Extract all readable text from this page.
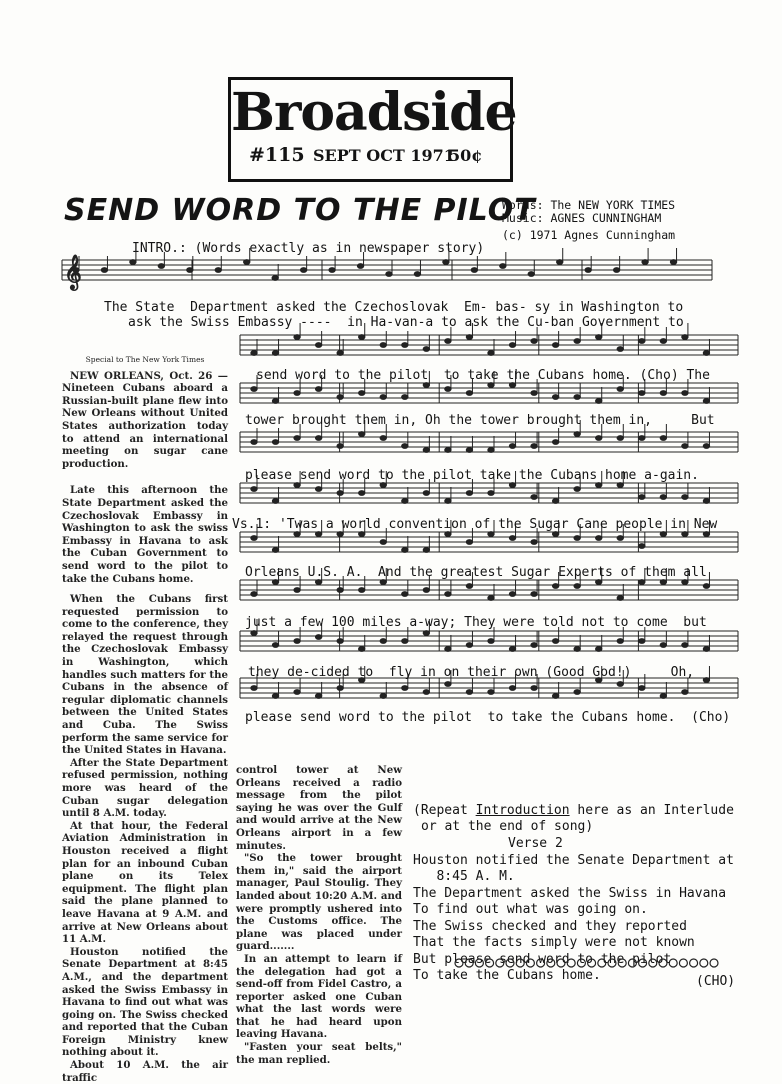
Broadside
#115 SEPT OCT 1971
50¢
SEND WORD TO THE PILOT
Words: The NEW YORK TIMES
Music: AGNES CUNNINGHAM
(c) 1971 Agnes Cunningham
INTRO.: (Words exactly as in newspaper story)
𝄞
The State  Department asked the Czechoslovak  Em- bas- sy in Washington to
ask the Swiss Embassy ----  in Ha-van-a to ask the Cu-ban Government to
send word to the pilot  to take the Cubans home. (Cho) The
tower brought them in, Oh the tower brought them in,     But
please send word to the pilot take the Cubans home a-gain.
Vs.1: 'Twas a world convention of the Sugar Cane people in New
Orleans U.S. A.  And the greatest Sugar Experts of them all
just a few 100 miles a-way; They were told not to come  but
they de-cided to  fly in on their own (Good God!)     Oh,
please send word to the pilot  to take the Cubans home.  (Cho)

Special to The New York Times

NEW ORLEANS, Oct. 26 — Nineteen Cubans aboard a Russian-built plane flew into New Orleans without United States authorization today to attend an international meeting on sugar cane production.

Late this afternoon the State Department asked the Czechoslovak Embassy in Washington to ask the swiss Embassy in Havana to ask the Cuban Government to send word to the pilot to take the Cubans home.

When the Cubans first requested permission to come to the conference, they relayed the request through the Czechoslovak Embassy in Washington, which handles such matters for the Cubans in the absence of regular diplomatic channels between the United States and Cuba. The Swiss perform the same service for the United States in Havana.

After the State Department refused permission, nothing more was heard of the Cuban sugar delegation until 8 A.M. today.

At that hour, the Federal Aviation Administration in Houston received a flight plan for an inbound Cuban plane on its Telex equipment. The flight plan said the plane planned to leave Havana at 9 A.M. and arrive at New Orleans about 11 A.M.

Houston notified the Senate Department at 8:45 A.M., and the department asked the Swiss Embassy in Havana to find out what was going on. The Swiss checked and reported that the Cuban Foreign Ministry knew nothing about it.

About 10 A.M. the air traffic

control tower at New Orleans received a radio message from the pilot saying he was over the Gulf and would arrive at the New Orleans airport in a few minutes.

"So the tower brought them in," said the airport manager, Paul Stoulig. They landed about 10:20 A.M. and were promptly ushered into the Customs office. The plane was placed under guard.......

In an attempt to learn if the delegation had got a send-off from Fidel Castro, a reporter asked one Cuban what the last words were that he had heard upon leaving Havana.

"Fasten your seat belts," the man replied.

(Repeat Introduction here as an Interlude
or at the end of song)
Verse 2
Houston notified the Senate Department at
8:45 A. M.
The Department asked the Swiss in Havana
To find out what was going on.
The Swiss checked and they reported
That the facts simply were not known
But please send word to the pilot
To take the Cubans home.	(CHO)
